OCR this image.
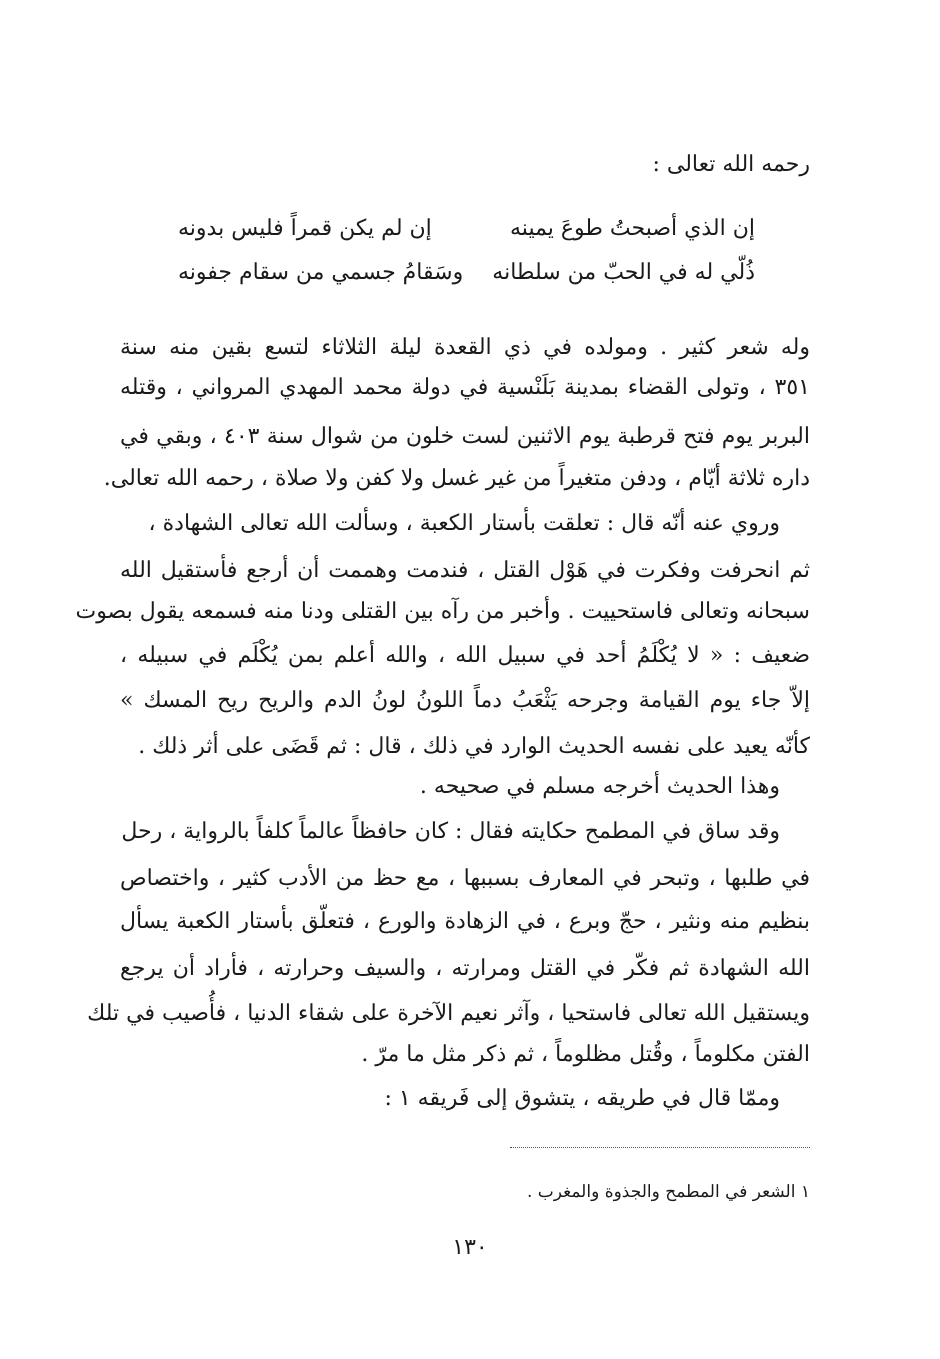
رحمه الله تعالى :
إن الذي أصبحتُ طوعَ يمينه
إن لم يكن قمراً فليس بدونه
ذُلّي له في الحبّ من سلطانه
وسَقامُ جسمي من سقام جفونه
وله شعر كثير . ومولده في ذي القعدة ليلة الثلاثاء لتسع بقين منه سنة
٣٥١ ، وتولى القضاء بمدينة بَلَنْسية في دولة محمد المهدي المرواني ، وقتله
البربر يوم فتح قرطبة يوم الاثنين لست خلون من شوال سنة ٤٠٣ ، وبقي في
داره ثلاثة أيّام ، ودفن متغيراً من غير غسل ولا كفن ولا صلاة ، رحمه الله تعالى.
وروي عنه أنّه قال : تعلقت بأستار الكعبة ، وسألت الله تعالى الشهادة ،
ثم انحرفت وفكرت في هَوْل القتل ، فندمت وهممت أن أرجع فأستقيل الله
سبحانه وتعالى فاستحييت . وأخبر من رآه بين القتلى ودنا منه فسمعه يقول بصوت
ضعيف : « لا يُكْلَمُ أحد في سبيل الله ، والله أعلم بمن يُكْلَم في سبيله ،
إلاّ جاء يوم القيامة وجرحه يَثْعَبُ دماً اللونُ لونُ الدم والريح ريح المسك »
كأنّه يعيد على نفسه الحديث الوارد في ذلك ، قال : ثم قَضَى على أثر ذلك .
وهذا الحديث أخرجه مسلم في صحيحه .
وقد ساق في المطمح حكايته فقال : كان حافظاً عالماً كلفاً بالرواية ، رحل
في طلبها ، وتبحر في المعارف بسببها ، مع حظ من الأدب كثير ، واختصاص
بنظيم منه ونثير ، حجّ وبرع ، في الزهادة والورع ، فتعلّق بأستار الكعبة يسأل
الله الشهادة ثم فكّر في القتل ومرارته ، والسيف وحرارته ، فأراد أن يرجع
ويستقيل الله تعالى فاستحيا ، وآثر نعيم الآخرة على شقاء الدنيا ، فأُصيب في تلك
الفتن مكلوماً ، وقُتل مظلوماً ، ثم ذكر مثل ما مرّ .
وممّا قال في طريقه ، يتشوق إلى فَريقه ١ :
١ الشعر في المطمح والجذوة والمغرب .
١٣٠
